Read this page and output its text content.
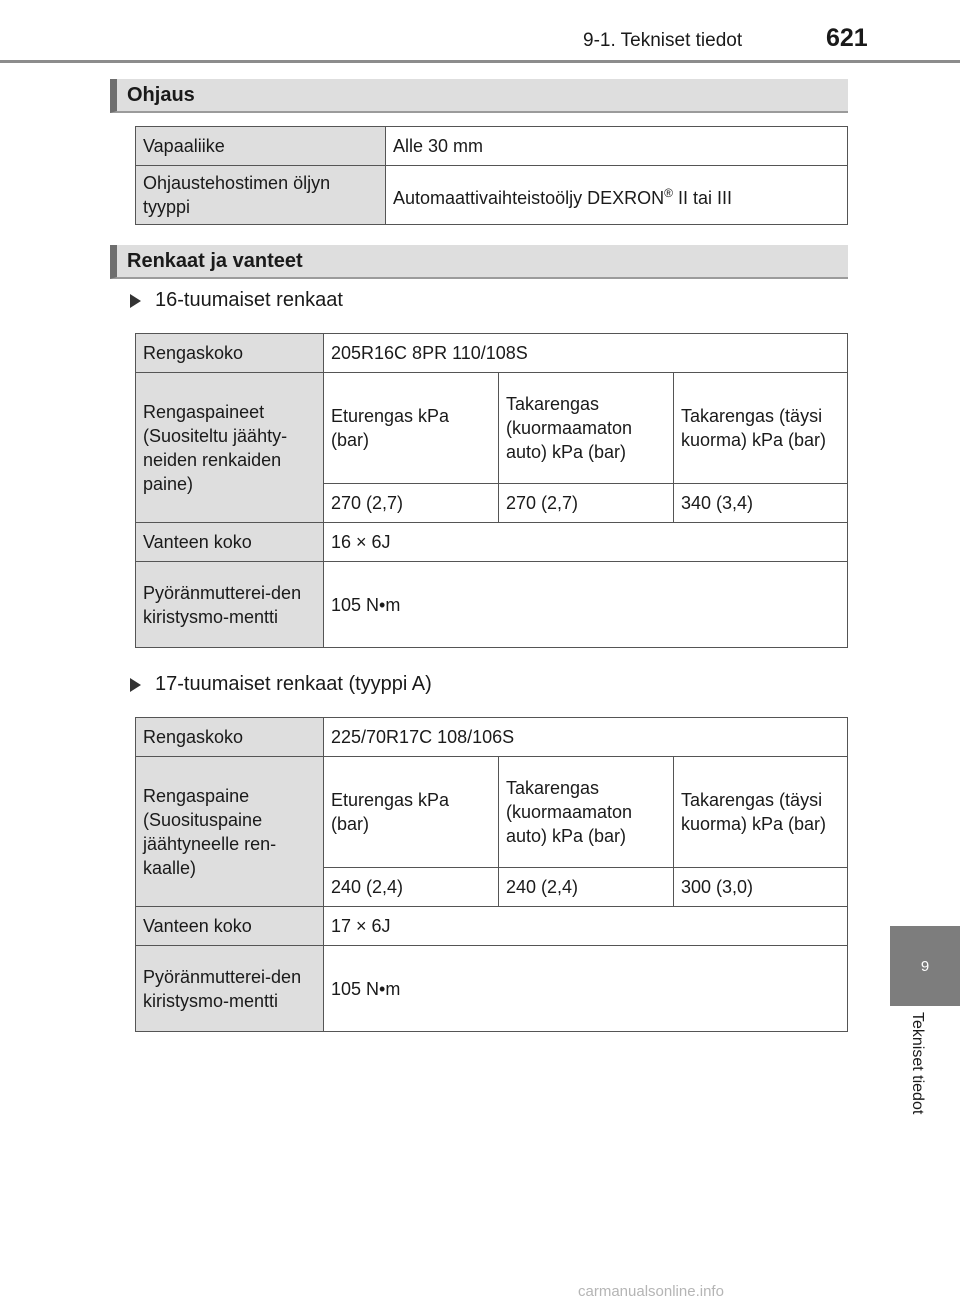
9-1. Tekniset tiedot	621
9
Tekniset tiedot
Ohjaus
Vapaaliike	Alle 30 mm
Ohjaustehostimen öljyn tyyppi	Automaattivaihteistoöljy DEXRON® II tai III
Renkaat ja vanteet
16-tuumaiset renkaat
Rengaskoko	205R16C 8PR 110/108S		
Rengaspaineet (Suositeltu jäähty-neiden renkaiden paine)	Eturengas kPa (bar)	Takarengas (kuormaamaton auto) kPa (bar)	Takarengas (täysi kuorma) kPa (bar)
	270 (2,7)	270 (2,7)	340 (3,4)
Vanteen koko	16 × 6J		
Pyöränmutterei-den kiristysmo-mentti	105 N•m		
17-tuumaiset renkaat (tyyppi A)
Rengaskoko	225/70R17C 108/106S		
Rengaspaine (Suosituspaine jäähtyneelle ren-kaalle)	Eturengas kPa (bar)	Takarengas (kuormaamaton auto) kPa (bar)	Takarengas (täysi kuorma) kPa (bar)
	240 (2,4)	240 (2,4)	300 (3,0)
Vanteen koko	17 × 6J		
Pyöränmutterei-den kiristysmo-mentti	105 N•m		
carmanualsonline.info
